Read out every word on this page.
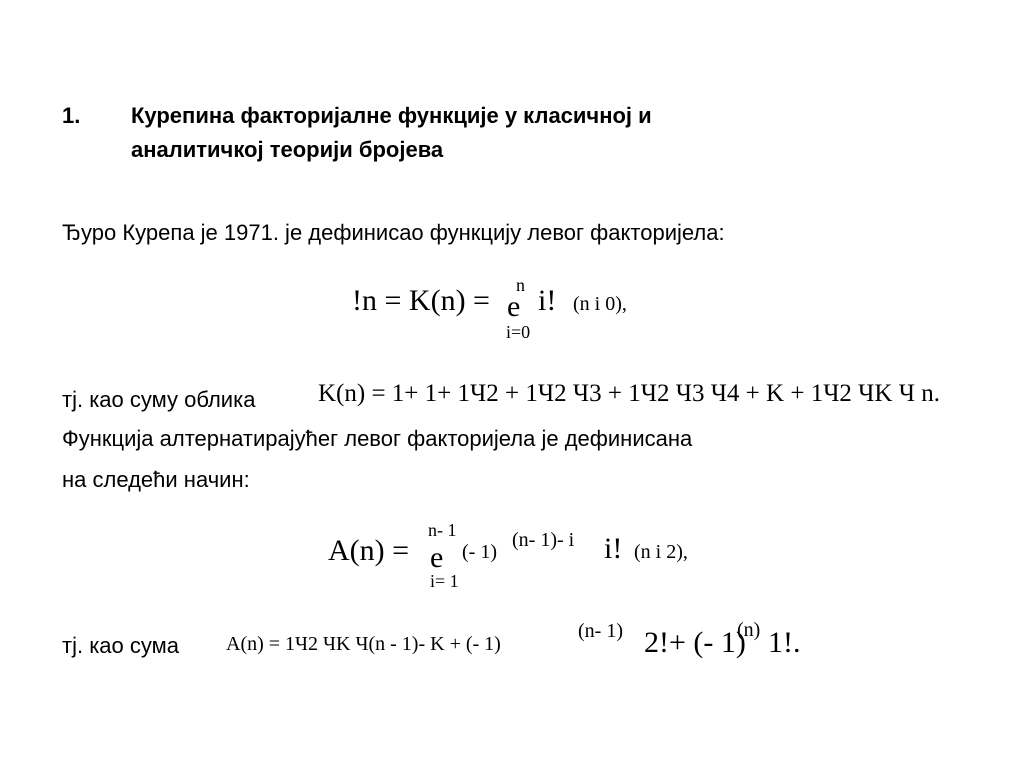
1. Курепина факторијалне функције у класичној и
аналитичкој теорији бројева
Ђуро Курепа је 1971. је дефинисао функцију левог факторијела:
!n = K(n) = n
e
i=0
i! (n i 0),
тј. као суму облика	K(n) = 1+ 1+ 1Ч2 + 1Ч2 Ч3 + 1Ч2 Ч3 Ч4 + K + 1Ч2 ЧK Ч n.
Функција алтернатирајућег левог факторијела је дефинисана
на следећи начин:
A(n) =
n- 1
e
i= 1
(- 1)
(n- 1)- i i! (n i 2),
тј. као сума A(n) = 1Ч2 ЧK Ч(n - 1)- K + (- 1)
(n- 1) 2!+ (- 1)
(n) 1!.
